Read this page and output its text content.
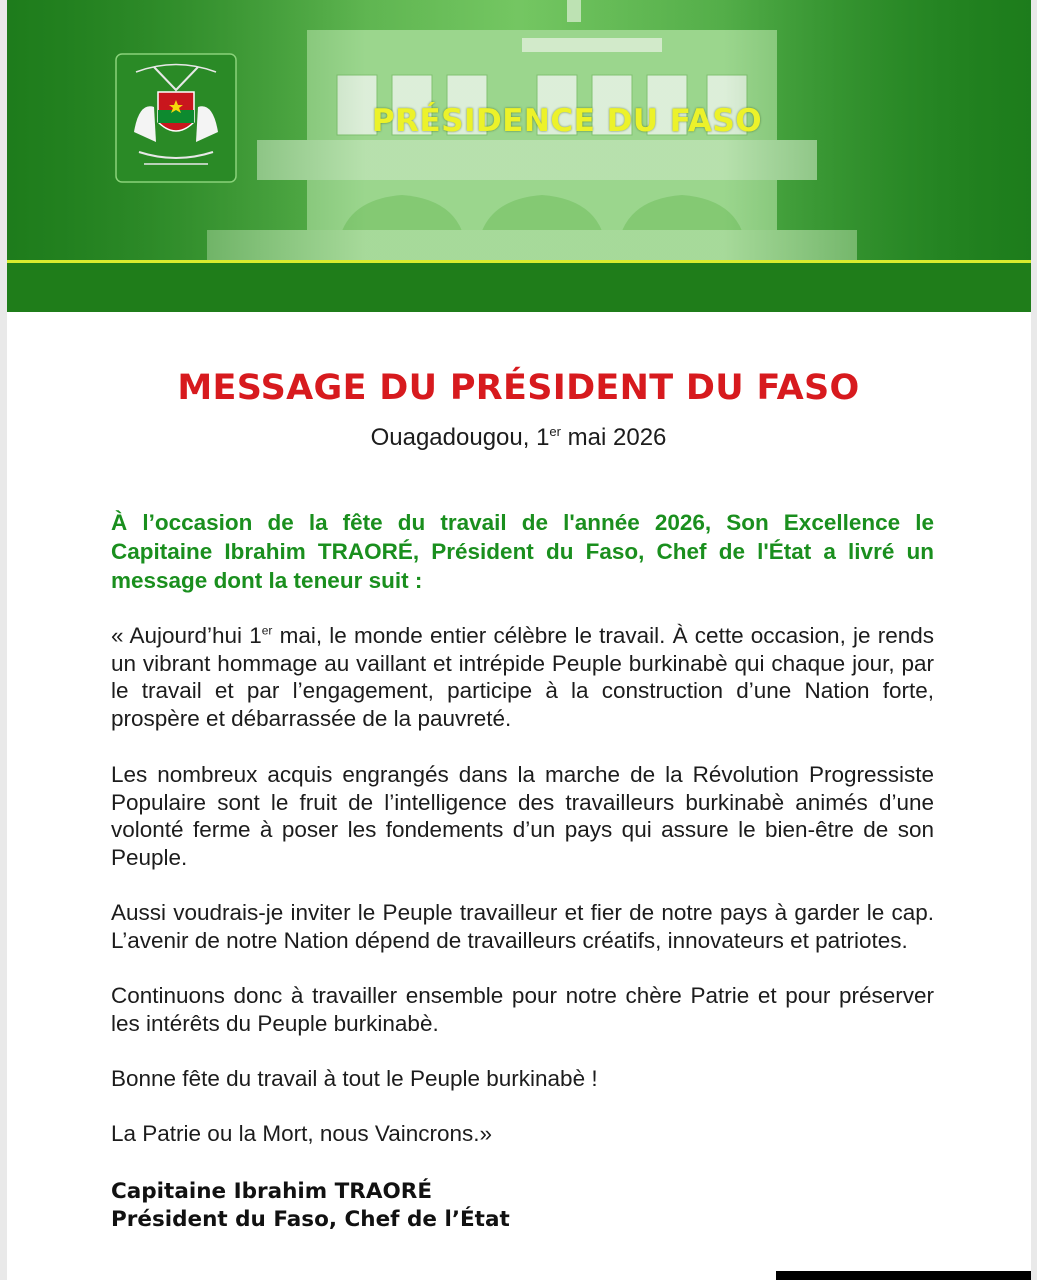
PRÉSIDENCE DU FASO
MESSAGE DU PRÉSIDENT DU FASO
Ouagadougou, 1er mai 2026
À l’occasion de la fête du travail de l'année 2026, Son Excellence le Capitaine Ibrahim TRAORÉ, Président du Faso, Chef de l'État a livré un message dont la teneur suit :
« Aujourd’hui 1er mai, le monde entier célèbre le travail. À cette occasion, je rends un vibrant hommage au vaillant et intrépide Peuple burkinabè qui chaque jour, par le travail et par l’engagement, participe à la construction d’une Nation forte, prospère et débarrassée de la pauvreté.
Les nombreux acquis engrangés dans la marche de la Révolution Progressiste Populaire sont le fruit de l’intelligence des travailleurs burkinabè animés d’une volonté ferme à poser les fondements d’un pays qui assure le bien-être de son Peuple.
Aussi voudrais-je inviter le Peuple travailleur et fier de notre pays à garder le cap. L’avenir de notre Nation dépend de travailleurs créatifs, innovateurs et patriotes.
Continuons donc à travailler ensemble pour notre chère Patrie et pour préserver les intérêts du Peuple burkinabè.
Bonne fête du travail à tout le Peuple burkinabè !
La Patrie ou la Mort, nous Vaincrons.»
Capitaine Ibrahim TRAORÉ
Président du Faso, Chef de l’État
